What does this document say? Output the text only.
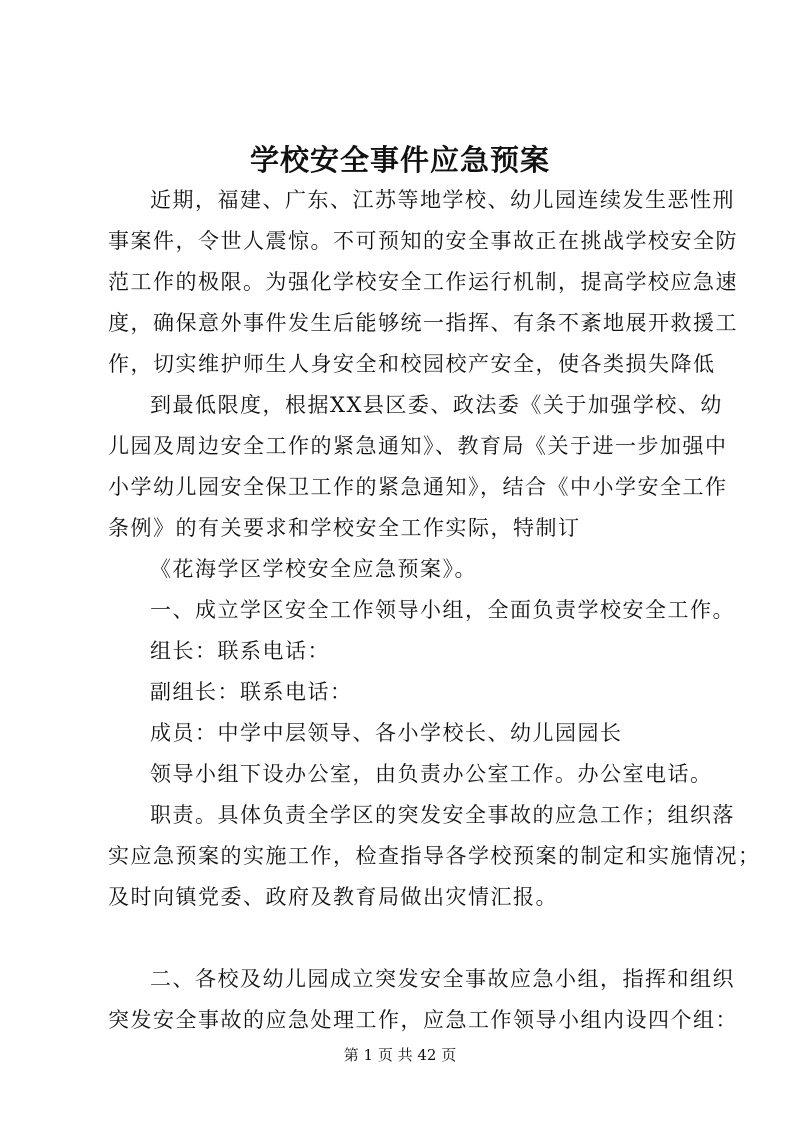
学校安全事件应急预案
近期，福建、广东、江苏等地学校、幼儿园连续发生恶性刑
事案件，令世人震惊。不可预知的安全事故正在挑战学校安全防
范工作的极限。为强化学校安全工作运行机制，提高学校应急速
度，确保意外事件发生后能够统一指挥、有条不紊地展开救援工
作，切实维护师生人身安全和校园校产安全，使各类损失降低
到最低限度，根据XX县区委、政法委《关于加强学校、幼
儿园及周边安全工作的紧急通知》、教育局《关于进一步加强中
小学幼儿园安全保卫工作的紧急通知》，结合《中小学安全工作
条例》的有关要求和学校安全工作实际，特制订
《花海学区学校安全应急预案》。
一、成立学区安全工作领导小组，全面负责学校安全工作。
组长：联系电话：
副组长：联系电话：
成员：中学中层领导、各小学校长、幼儿园园长
领导小组下设办公室，由负责办公室工作。办公室电话。
职责。具体负责全学区的突发安全事故的应急工作；组织落
实应急预案的实施工作，检查指导各学校预案的制定和实施情况；
及时向镇党委、政府及教育局做出灾情汇报。
二、各校及幼儿园成立突发安全事故应急小组，指挥和组织
突发安全事故的应急处理工作，应急工作领导小组内设四个组：
第 1 页 共 42 页
